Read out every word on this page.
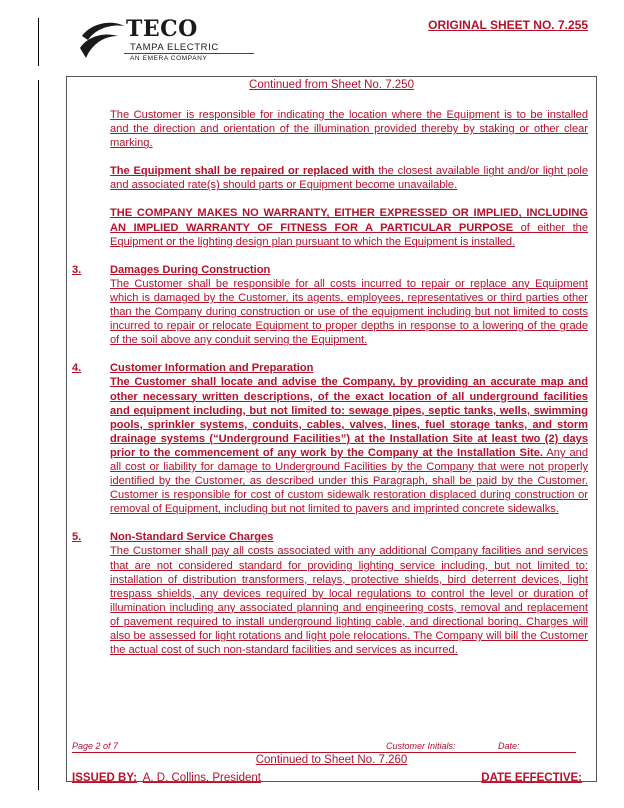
TECO
TAMPA ELECTRIC
AN EMERA COMPANY
ORIGINAL SHEET NO. 7.255
Continued from Sheet No. 7.250

The Customer is responsible for indicating the location where the Equipment is to be installed and the direction and orientation of the illumination provided thereby by staking or other clear marking.

The Equipment shall be repaired or replaced with the closest available light and/or light pole and associated rate(s) should parts or Equipment become unavailable.

THE COMPANY MAKES NO WARRANTY, EITHER EXPRESSED OR IMPLIED, INCLUDING AN IMPLIED WARRANTY OF FITNESS FOR A PARTICULAR PURPOSE of either the Equipment or the lighting design plan pursuant to which the Equipment is installed.

3.	Damages During Construction

The Customer shall be responsible for all costs incurred to repair or replace any Equipment which is damaged by the Customer, its agents, employees, representatives or third parties other than the Company during construction or use of the equipment including but not limited to costs incurred to repair or relocate Equipment to proper depths in response to a lowering of the grade of the soil above any conduit serving the Equipment.

4.	Customer Information and Preparation

The Customer shall locate and advise the Company, by providing an accurate map and other necessary written descriptions, of the exact location of all underground facilities and equipment including, but not limited to: sewage pipes, septic tanks, wells, swimming pools, sprinkler systems, conduits, cables, valves, lines, fuel storage tanks, and storm drainage systems (“Underground Facilities”) at the Installation Site at least two (2) days prior to the commencement of any work by the Company at the Installation Site. Any and all cost or liability for damage to Underground Facilities by the Company that were not properly identified by the Customer, as described under this Paragraph, shall be paid by the Customer. Customer is responsible for cost of custom sidewalk restoration displaced during construction or removal of Equipment, including but not limited to pavers and imprinted concrete sidewalks.

5.	Non-Standard Service Charges

The Customer shall pay all costs associated with any additional Company facilities and services that are not considered standard for providing lighting service including, but not limited to: installation of distribution transformers, relays, protective shields, bird deterrent devices, light trespass shields, any devices required by local regulations to control the level or duration of illumination including any associated planning and engineering costs, removal and replacement of pavement required to install underground lighting cable, and directional boring. Charges will also be assessed for light rotations and light pole relocations. The Company will bill the Customer the actual cost of such non-standard facilities and services as incurred.

Page 2 of 7	Customer Initials:	Date:
Continued to Sheet No. 7.260
ISSUED BY: A. D. Collins, President	DATE EFFECTIVE:
